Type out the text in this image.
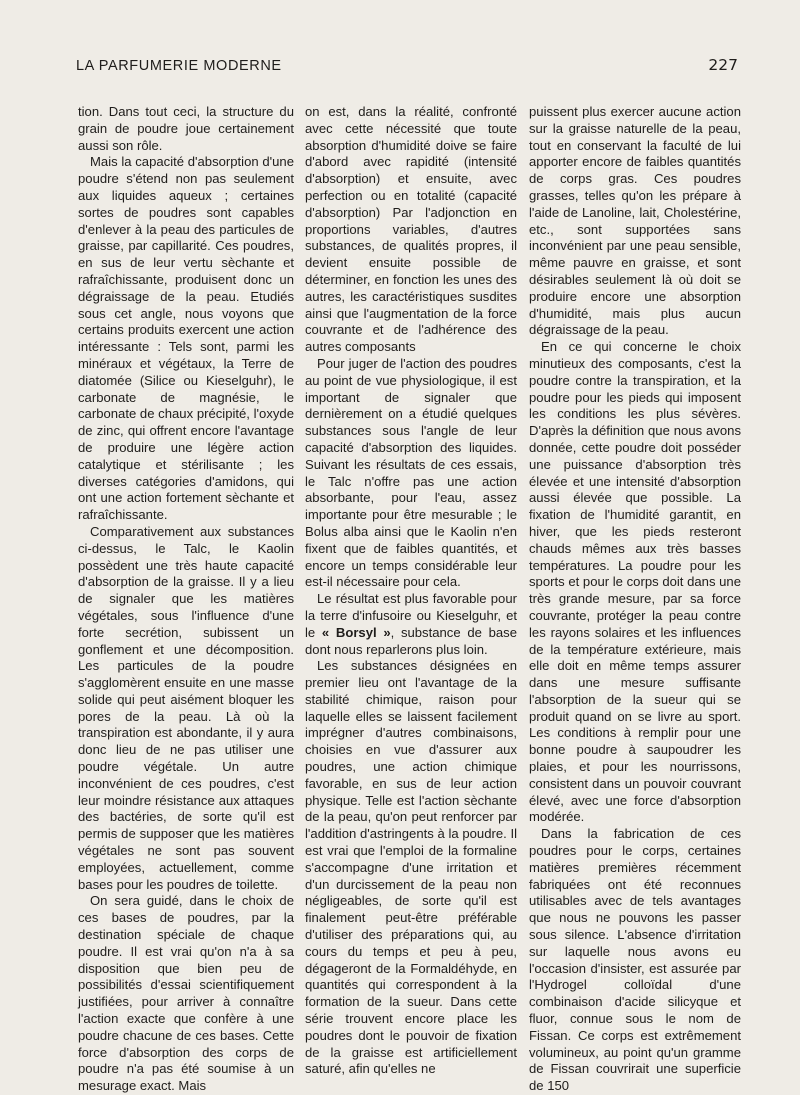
LA PARFUMERIE MODERNE	227

tion. Dans tout ceci, la structure du grain de poudre joue certainement aussi son rôle.

Mais la capacité d'absorption d'une poudre s'étend non pas seulement aux liquides aqueux ; certaines sortes de poudres sont capables d'enlever à la peau des particules de graisse, par capillarité. Ces poudres, en sus de leur vertu sèchante et rafraîchissante, produisent donc un dégraissage de la peau. Etudiés sous cet angle, nous voyons que certains produits exercent une action intéressante : Tels sont, parmi les minéraux et végétaux, la Terre de diatomée (Silice ou Kieselguhr), le carbonate de magnésie, le carbonate de chaux précipité, l'oxyde de zinc, qui offrent encore l'avantage de produire une légère action catalytique et stérilisante ; les diverses catégories d'amidons, qui ont une action fortement sèchante et rafraîchissante.

Comparativement aux substances ci-dessus, le Talc, le Kaolin possèdent une très haute capacité d'absorption de la graisse. Il y a lieu de signaler que les matières végétales, sous l'influence d'une forte secrétion, subissent un gonflement et une décomposition. Les particules de la poudre s'agglomèrent ensuite en une masse solide qui peut aisément bloquer les pores de la peau. Là où la transpiration est abondante, il y aura donc lieu de ne pas utiliser une poudre végétale. Un autre inconvénient de ces poudres, c'est leur moindre résistance aux attaques des bactéries, de sorte qu'il est permis de supposer que les matières végétales ne sont pas souvent employées, actuellement, comme bases pour les poudres de toilette.

On sera guidé, dans le choix de ces bases de poudres, par la destination spéciale de chaque poudre. Il est vrai qu'on n'a à sa disposition que bien peu de possibilités d'essai scientifiquement justifiées, pour arriver à connaître l'action exacte que confère à une poudre chacune de ces bases. Cette force d'absorption des corps de poudre n'a pas été soumise à un mesurage exact. Mais

on est, dans la réalité, confronté avec cette nécessité que toute absorption d'humidité doive se faire d'abord avec rapidité (intensité d'absorption) et ensuite, avec perfection ou en totalité (capacité d'absorption) Par l'adjonction en proportions variables, d'autres substances, de qualités propres, il devient ensuite possible de déterminer, en fonction les unes des autres, les caractéristiques susdites ainsi que l'augmentation de la force couvrante et de l'adhérence des autres composants

Pour juger de l'action des poudres au point de vue physiologique, il est important de signaler que dernièrement on a étudié quelques substances sous l'angle de leur capacité d'absorption des liquides. Suivant les résultats de ces essais, le Talc n'offre pas une action absorbante, pour l'eau, assez importante pour être mesurable ; le Bolus alba ainsi que le Kaolin n'en fixent que de faibles quantités, et encore un temps considérable leur est-il nécessaire pour cela.

Le résultat est plus favorable pour la terre d'infusoire ou Kieselguhr, et le « Borsyl », substance de base dont nous reparlerons plus loin.

Les substances désignées en premier lieu ont l'avantage de la stabilité chimique, raison pour laquelle elles se laissent facilement imprégner d'autres combinaisons, choisies en vue d'assurer aux poudres, une action chimique favorable, en sus de leur action physique. Telle est l'action sèchante de la peau, qu'on peut renforcer par l'addition d'astringents à la poudre. Il est vrai que l'emploi de la formaline s'accompagne d'une irritation et d'un durcissement de la peau non négligeables, de sorte qu'il est finalement peut-être préférable d'utiliser des préparations qui, au cours du temps et peu à peu, dégageront de la Formaldéhyde, en quantités qui correspondent à la formation de la sueur. Dans cette série trouvent encore place les poudres dont le pouvoir de fixation de la graisse est artificiellement saturé, afin qu'elles ne

puissent plus exercer aucune action sur la graisse naturelle de la peau, tout en conservant la faculté de lui apporter encore de faibles quantités de corps gras. Ces poudres grasses, telles qu'on les prépare à l'aide de Lanoline, lait, Cholestérine, etc., sont supportées sans inconvénient par une peau sensible, même pauvre en graisse, et sont désirables seulement là où doit se produire encore une absorption d'humidité, mais plus aucun dégraissage de la peau.

En ce qui concerne le choix minutieux des composants, c'est la poudre contre la transpiration, et la poudre pour les pieds qui imposent les conditions les plus sévères. D'après la définition que nous avons donnée, cette poudre doit posséder une puissance d'absorption très élevée et une intensité d'absorption aussi élevée que possible. La fixation de l'humidité garantit, en hiver, que les pieds resteront chauds mêmes aux très basses températures. La poudre pour les sports et pour le corps doit dans une très grande mesure, par sa force couvrante, protéger la peau contre les rayons solaires et les influences de la température extérieure, mais elle doit en même temps assurer dans une mesure suffisante l'absorption de la sueur qui se produit quand on se livre au sport. Les conditions à remplir pour une bonne poudre à saupoudrer les plaies, et pour les nourrissons, consistent dans un pouvoir couvrant élevé, avec une force d'absorption modérée.

Dans la fabrication de ces poudres pour le corps, certaines matières premières récemment fabriquées ont été reconnues utilisables avec de tels avantages que nous ne pouvons les passer sous silence. L'absence d'irritation sur laquelle nous avons eu l'occasion d'insister, est assurée par l'Hydrogel colloïdal d'une combinaison d'acide silicyque et fluor, connue sous le nom de Fissan. Ce corps est extrêmement volumineux, au point qu'un gramme de Fissan couvrirait une superficie de 150
